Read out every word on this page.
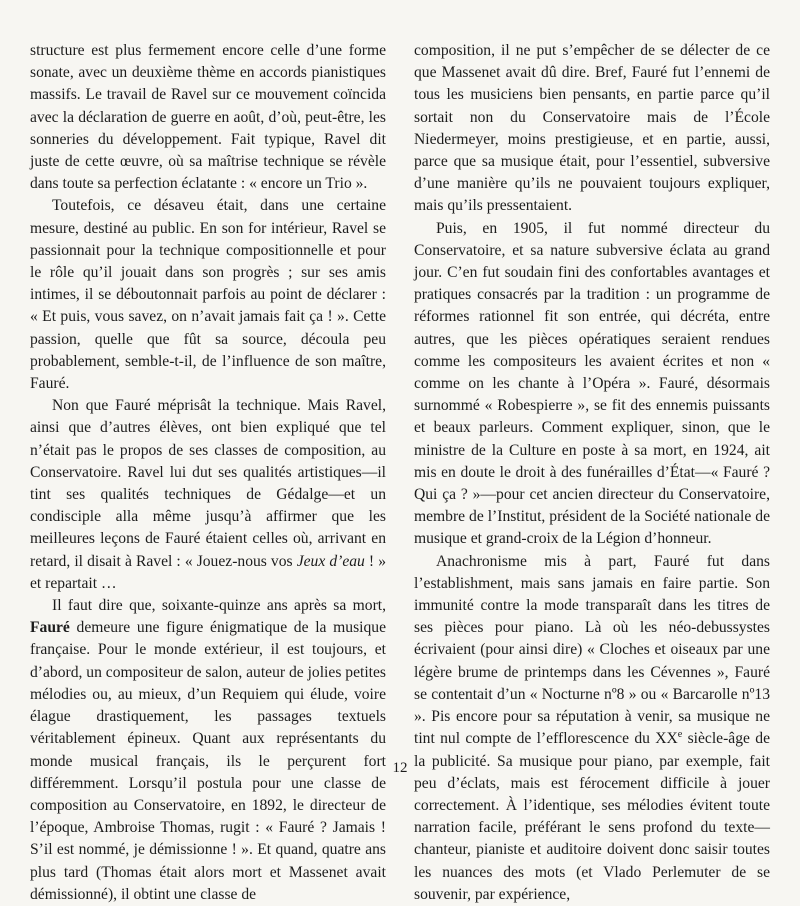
structure est plus fermement encore celle d’une forme sonate, avec un deuxième thème en accords pianistiques massifs. Le travail de Ravel sur ce mouvement coïncida avec la déclaration de guerre en août, d’où, peut-être, les sonneries du développement. Fait typique, Ravel dit juste de cette œuvre, où sa maîtrise technique se révèle dans toute sa perfection éclatante : « encore un Trio ».

Toutefois, ce désaveu était, dans une certaine mesure, destiné au public. En son for intérieur, Ravel se passionnait pour la technique compositionnelle et pour le rôle qu’il jouait dans son progrès ; sur ses amis intimes, il se déboutonnait parfois au point de déclarer : « Et puis, vous savez, on n’avait jamais fait ça ! ». Cette passion, quelle que fût sa source, découla peu probablement, semble-t-il, de l’influence de son maître, Fauré.

Non que Fauré méprisât la technique. Mais Ravel, ainsi que d’autres élèves, ont bien expliqué que tel n’était pas le propos de ses classes de composition, au Conservatoire. Ravel lui dut ses qualités artistiques—il tint ses qualités techniques de Gédalge—et un condisciple alla même jusqu’à affirmer que les meilleures leçons de Fauré étaient celles où, arrivant en retard, il disait à Ravel : « Jouez-nous vos Jeux d’eau ! » et repartait …

Il faut dire que, soixante-quinze ans après sa mort, Fauré demeure une figure énigmatique de la musique française. Pour le monde extérieur, il est toujours, et d’abord, un compositeur de salon, auteur de jolies petites mélodies ou, au mieux, d’un Requiem qui élude, voire élague drastiquement, les passages textuels véritablement épineux. Quant aux représentants du monde musical français, ils le perçurent fort différemment. Lorsqu’il postula pour une classe de composition au Conservatoire, en 1892, le directeur de l’époque, Ambroise Thomas, rugit : « Fauré ? Jamais ! S’il est nommé, je démissionne ! ». Et quand, quatre ans plus tard (Thomas était alors mort et Massenet avait démissionné), il obtint une classe de

composition, il ne put s’empêcher de se délecter de ce que Massenet avait dû dire. Bref, Fauré fut l’ennemi de tous les musiciens bien pensants, en partie parce qu’il sortait non du Conservatoire mais de l’École Niedermeyer, moins prestigieuse, et en partie, aussi, parce que sa musique était, pour l’essentiel, subversive d’une manière qu’ils ne pouvaient toujours expliquer, mais qu’ils pressentaient.

Puis, en 1905, il fut nommé directeur du Conservatoire, et sa nature subversive éclata au grand jour. C’en fut soudain fini des confortables avantages et pratiques consacrés par la tradition : un programme de réformes rationnel fit son entrée, qui décréta, entre autres, que les pièces opératiques seraient rendues comme les compositeurs les avaient écrites et non « comme on les chante à l’Opéra ». Fauré, désormais surnommé « Robespierre », se fit des ennemis puissants et beaux parleurs. Comment expliquer, sinon, que le ministre de la Culture en poste à sa mort, en 1924, ait mis en doute le droit à des funérailles d’État—« Fauré ? Qui ça ? »—pour cet ancien directeur du Conservatoire, membre de l’Institut, président de la Société nationale de musique et grand-croix de la Légion d’honneur.

Anachronisme mis à part, Fauré fut dans l’establishment, mais sans jamais en faire partie. Son immunité contre la mode transparaît dans les titres de ses pièces pour piano. Là où les néo-debussystes écrivaient (pour ainsi dire) « Cloches et oiseaux par une légère brume de printemps dans les Cévennes », Fauré se contentait d’un « Nocturne nº8 » ou « Barcarolle nº13 ». Pis encore pour sa réputation à venir, sa musique ne tint nul compte de l’efflorescence du XXe siècle-âge de la publicité. Sa musique pour piano, par exemple, fait peu d’éclats, mais est férocement difficile à jouer correctement. À l’identique, ses mélodies évitent toute narration facile, préférant le sens profond du texte—chanteur, pianiste et auditoire doivent donc saisir toutes les nuances des mots (et Vlado Perlemuter de se souvenir, par expérience,

12
